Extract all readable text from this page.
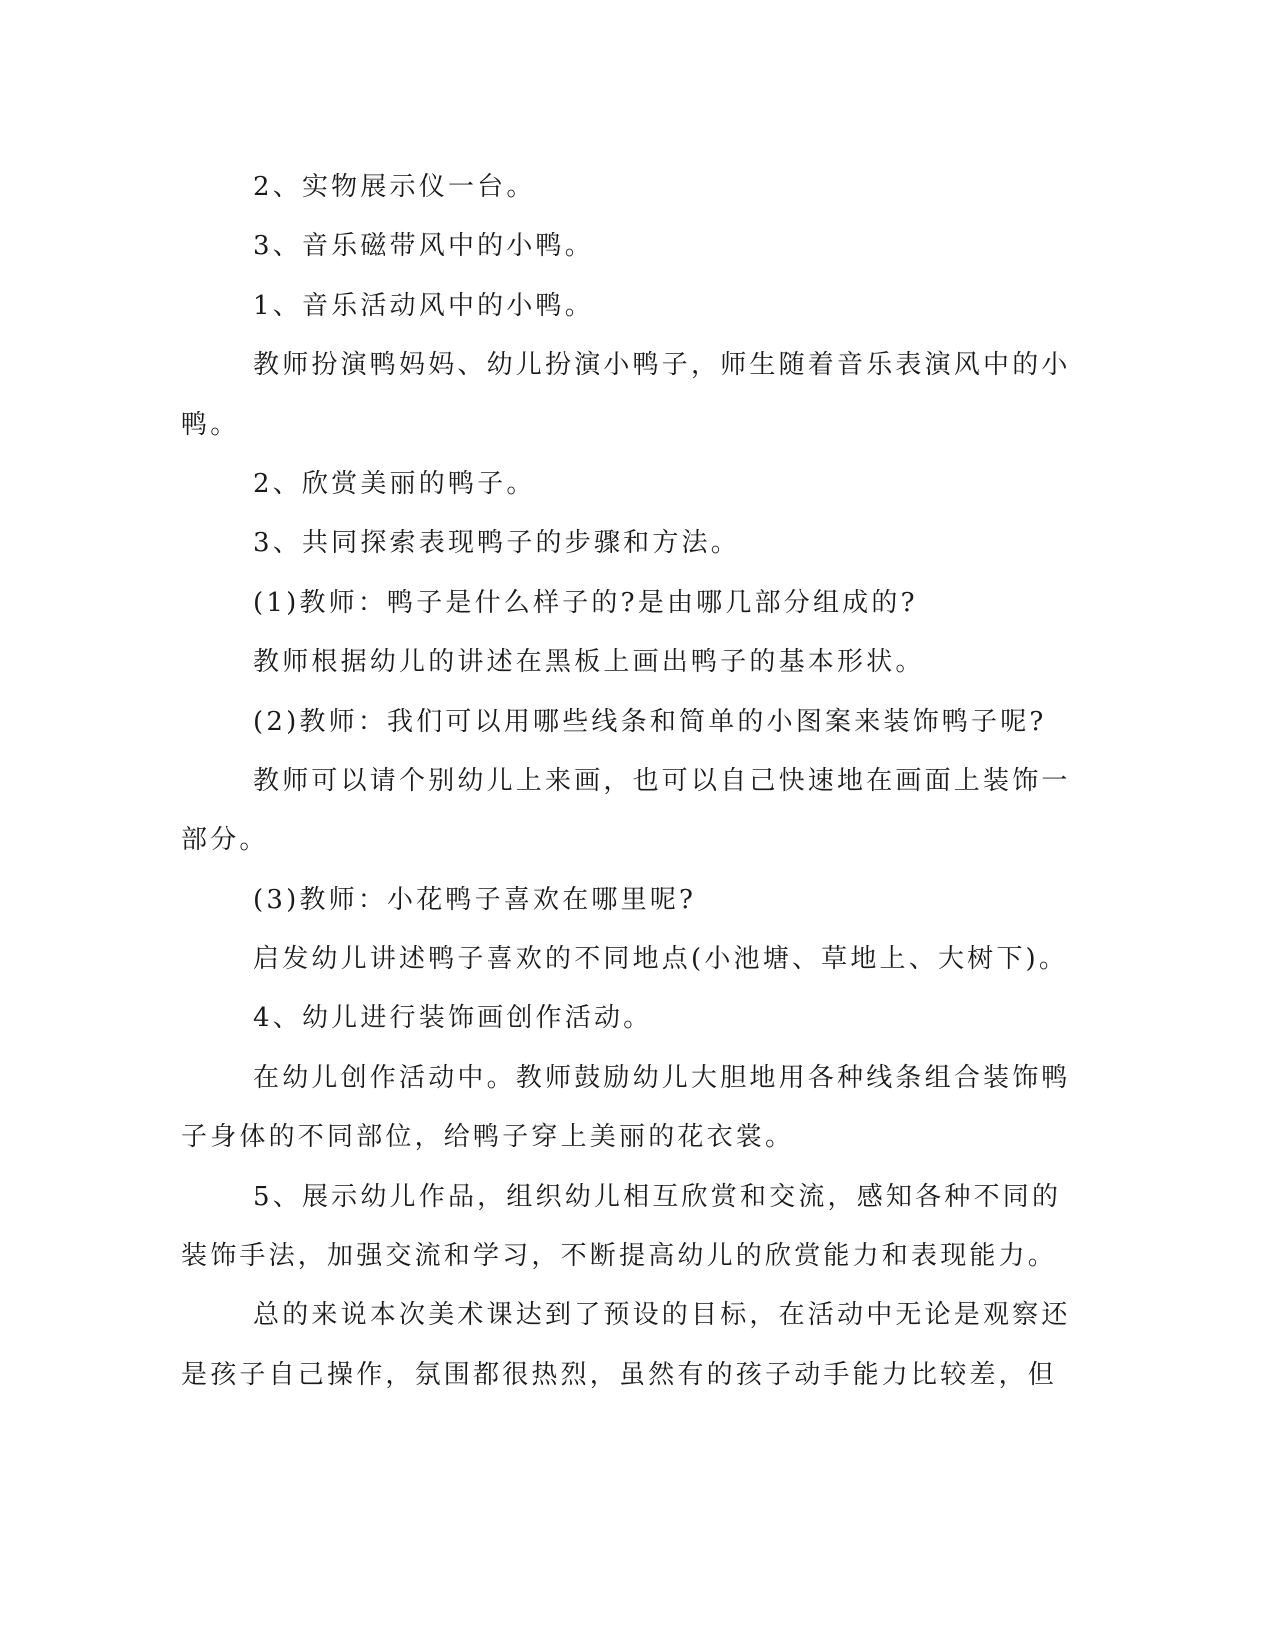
2、实物展示仪一台。
3、音乐磁带风中的小鸭。
1、音乐活动风中的小鸭。
教师扮演鸭妈妈、幼儿扮演小鸭子，师生随着音乐表演风中的小
鸭。
2、欣赏美丽的鸭子。
3、共同探索表现鸭子的步骤和方法。
(1)教师：鸭子是什么样子的?是由哪几部分组成的?
教师根据幼儿的讲述在黑板上画出鸭子的基本形状。
(2)教师：我们可以用哪些线条和简单的小图案来装饰鸭子呢?
教师可以请个别幼儿上来画，也可以自己快速地在画面上装饰一
部分。
(3)教师：小花鸭子喜欢在哪里呢?
启发幼儿讲述鸭子喜欢的不同地点(小池塘、草地上、大树下)。
4、幼儿进行装饰画创作活动。
在幼儿创作活动中。教师鼓励幼儿大胆地用各种线条组合装饰鸭
子身体的不同部位，给鸭子穿上美丽的花衣裳。
5、展示幼儿作品，组织幼儿相互欣赏和交流，感知各种不同的
装饰手法，加强交流和学习，不断提高幼儿的欣赏能力和表现能力。
总的来说本次美术课达到了预设的目标，在活动中无论是观察还
是孩子自己操作，氛围都很热烈，虽然有的孩子动手能力比较差，但
